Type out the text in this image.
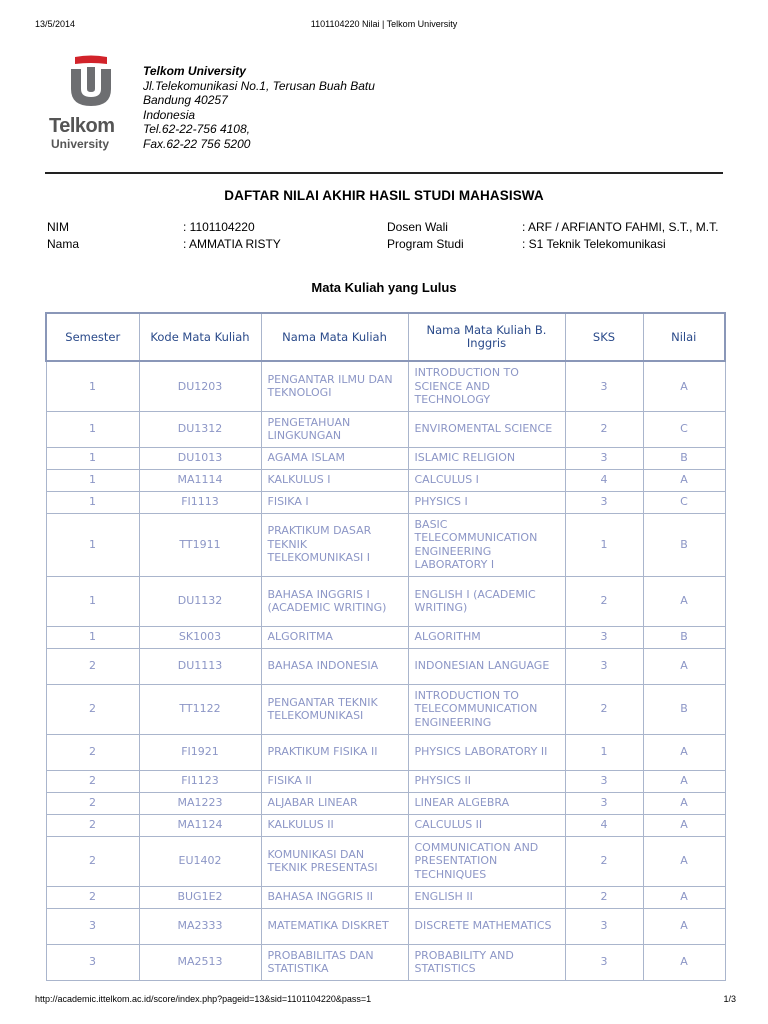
13/5/2014	1101104220 Nilai | Telkom University
Telkom
University
Telkom University
Jl.Telekomunikasi No.1, Terusan Buah Batu
Bandung 40257
Indonesia
Tel.62-22-756 4108,
Fax.62-22 756 5200
DAFTAR NILAI AKHIR HASIL STUDI MAHASISWA
NIM	: 1101104220	Dosen Wali	: ARF / ARFIANTO FAHMI, S.T., M.T.
Nama	: AMMATIA RISTY	Program Studi	: S1 Teknik Telekomunikasi
Mata Kuliah yang Lulus
Semester	Kode Mata Kuliah	Nama Mata Kuliah	Nama Mata Kuliah B. Inggris	SKS	Nilai
1	DU1203	PENGANTAR ILMU DAN TEKNOLOGI	INTRODUCTION TO SCIENCE AND TECHNOLOGY	3	A
1	DU1312	PENGETAHUAN LINGKUNGAN	ENVIROMENTAL SCIENCE	2	C
1	DU1013	AGAMA ISLAM	ISLAMIC RELIGION	3	B
1	MA1114	KALKULUS I	CALCULUS I	4	A
1	FI1113	FISIKA I	PHYSICS I	3	C
1	TT1911	PRAKTIKUM DASAR TEKNIK TELEKOMUNIKASI I	BASIC TELECOMMUNICATION ENGINEERING LABORATORY I	1	B
1	DU1132	BAHASA INGGRIS I (ACADEMIC WRITING)	ENGLISH I (ACADEMIC WRITING)	2	A
1	SK1003	ALGORITMA	ALGORITHM	3	B
2	DU1113	BAHASA INDONESIA	INDONESIAN LANGUAGE	3	A
2	TT1122	PENGANTAR TEKNIK TELEKOMUNIKASI	INTRODUCTION TO TELECOMMUNICATION ENGINEERING	2	B
2	FI1921	PRAKTIKUM FISIKA II	PHYSICS LABORATORY II	1	A
2	FI1123	FISIKA II	PHYSICS II	3	A
2	MA1223	ALJABAR LINEAR	LINEAR ALGEBRA	3	A
2	MA1124	KALKULUS II	CALCULUS II	4	A
2	EU1402	KOMUNIKASI DAN TEKNIK PRESENTASI	COMMUNICATION AND PRESENTATION TECHNIQUES	2	A
2	BUG1E2	BAHASA INGGRIS II	ENGLISH II	2	A
3	MA2333	MATEMATIKA DISKRET	DISCRETE MATHEMATICS	3	A
3	MA2513	PROBABILITAS DAN STATISTIKA	PROBABILITY AND STATISTICS	3	A
http://academic.ittelkom.ac.id/score/index.php?pageid=13&sid=1101104220&pass=1	1/3
